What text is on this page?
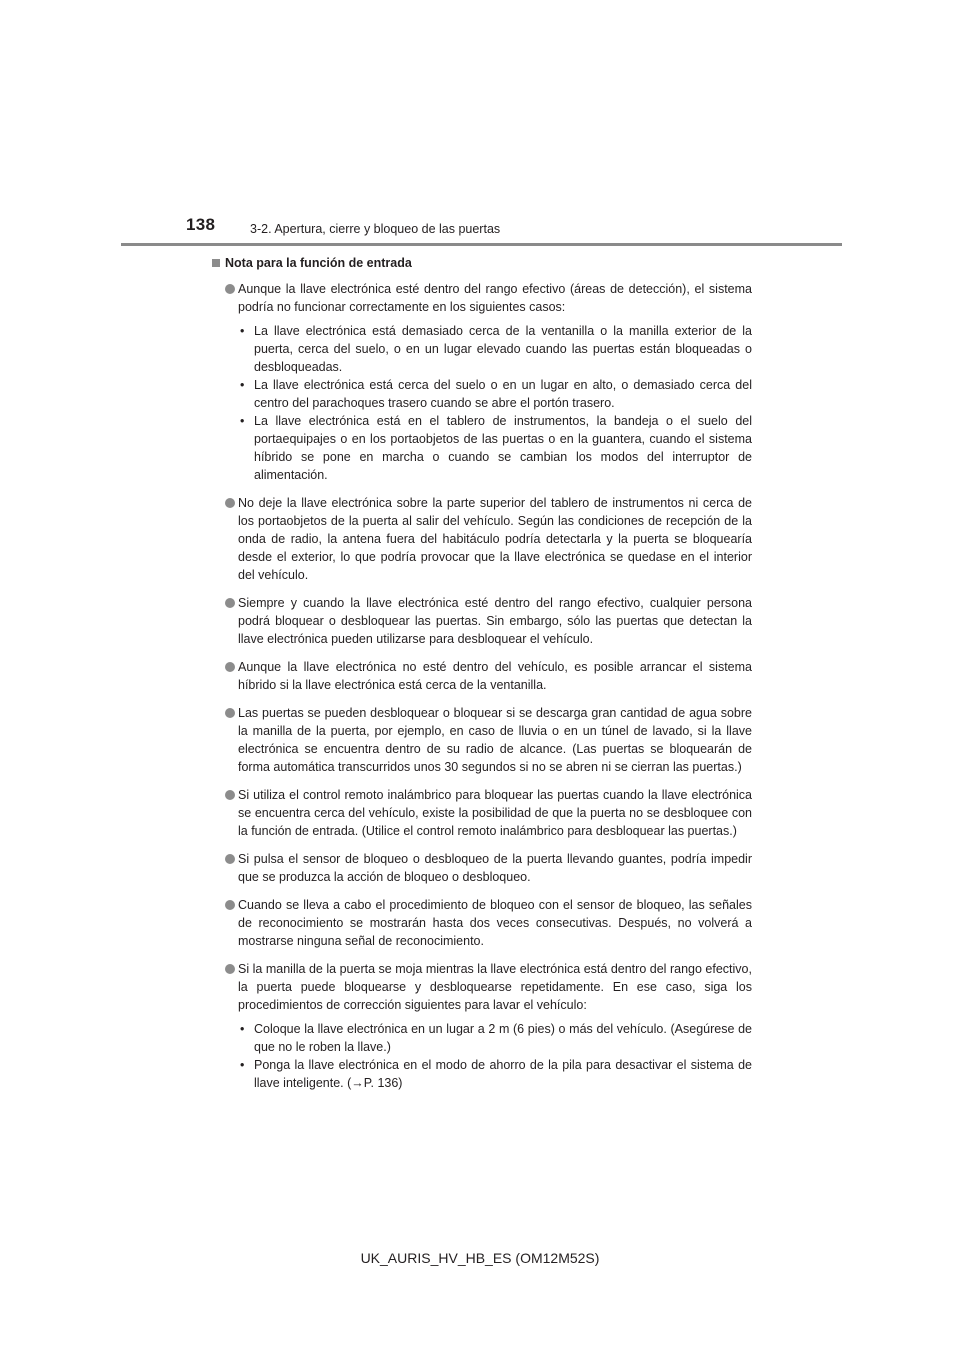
138	3-2. Apertura, cierre y bloqueo de las puertas
Nota para la función de entrada
Aunque la llave electrónica esté dentro del rango efectivo (áreas de detección), el sistema podría no funcionar correctamente en los siguientes casos:
• La llave electrónica está demasiado cerca de la ventanilla o la manilla exterior de la puerta, cerca del suelo, o en un lugar elevado cuando las puertas están bloqueadas o desbloqueadas.
• La llave electrónica está cerca del suelo o en un lugar en alto, o demasiado cerca del centro del parachoques trasero cuando se abre el portón trasero.
• La llave electrónica está en el tablero de instrumentos, la bandeja o el suelo del portaequipajes o en los portaobjetos de las puertas o en la guantera, cuando el sistema híbrido se pone en marcha o cuando se cambian los modos del interruptor de alimentación.
No deje la llave electrónica sobre la parte superior del tablero de instrumentos ni cerca de los portaobjetos de la puerta al salir del vehículo. Según las condiciones de recepción de la onda de radio, la antena fuera del habitáculo podría detectarla y la puerta se bloquearía desde el exterior, lo que podría provocar que la llave electrónica se quedase en el interior del vehículo.
Siempre y cuando la llave electrónica esté dentro del rango efectivo, cualquier persona podrá bloquear o desbloquear las puertas. Sin embargo, sólo las puertas que detectan la llave electrónica pueden utilizarse para desbloquear el vehículo.
Aunque la llave electrónica no esté dentro del vehículo, es posible arrancar el sistema híbrido si la llave electrónica está cerca de la ventanilla.
Las puertas se pueden desbloquear o bloquear si se descarga gran cantidad de agua sobre la manilla de la puerta, por ejemplo, en caso de lluvia o en un túnel de lavado, si la llave electrónica se encuentra dentro de su radio de alcance. (Las puertas se bloquearán de forma automática transcurridos unos 30 segundos si no se abren ni se cierran las puertas.)
Si utiliza el control remoto inalámbrico para bloquear las puertas cuando la llave electrónica se encuentra cerca del vehículo, existe la posibilidad de que la puerta no se desbloquee con la función de entrada. (Utilice el control remoto inalámbrico para desbloquear las puertas.)
Si pulsa el sensor de bloqueo o desbloqueo de la puerta llevando guantes, podría impedir que se produzca la acción de bloqueo o desbloqueo.
Cuando se lleva a cabo el procedimiento de bloqueo con el sensor de bloqueo, las señales de reconocimiento se mostrarán hasta dos veces consecutivas. Después, no volverá a mostrarse ninguna señal de reconocimiento.
Si la manilla de la puerta se moja mientras la llave electrónica está dentro del rango efectivo, la puerta puede bloquearse y desbloquearse repetidamente. En ese caso, siga los procedimientos de corrección siguientes para lavar el vehículo:
• Coloque la llave electrónica en un lugar a 2 m (6 pies) o más del vehículo. (Asegúrese de que no le roben la llave.)
• Ponga la llave electrónica en el modo de ahorro de la pila para desactivar el sistema de llave inteligente. (→P. 136)
UK_AURIS_HV_HB_ES (OM12M52S)
